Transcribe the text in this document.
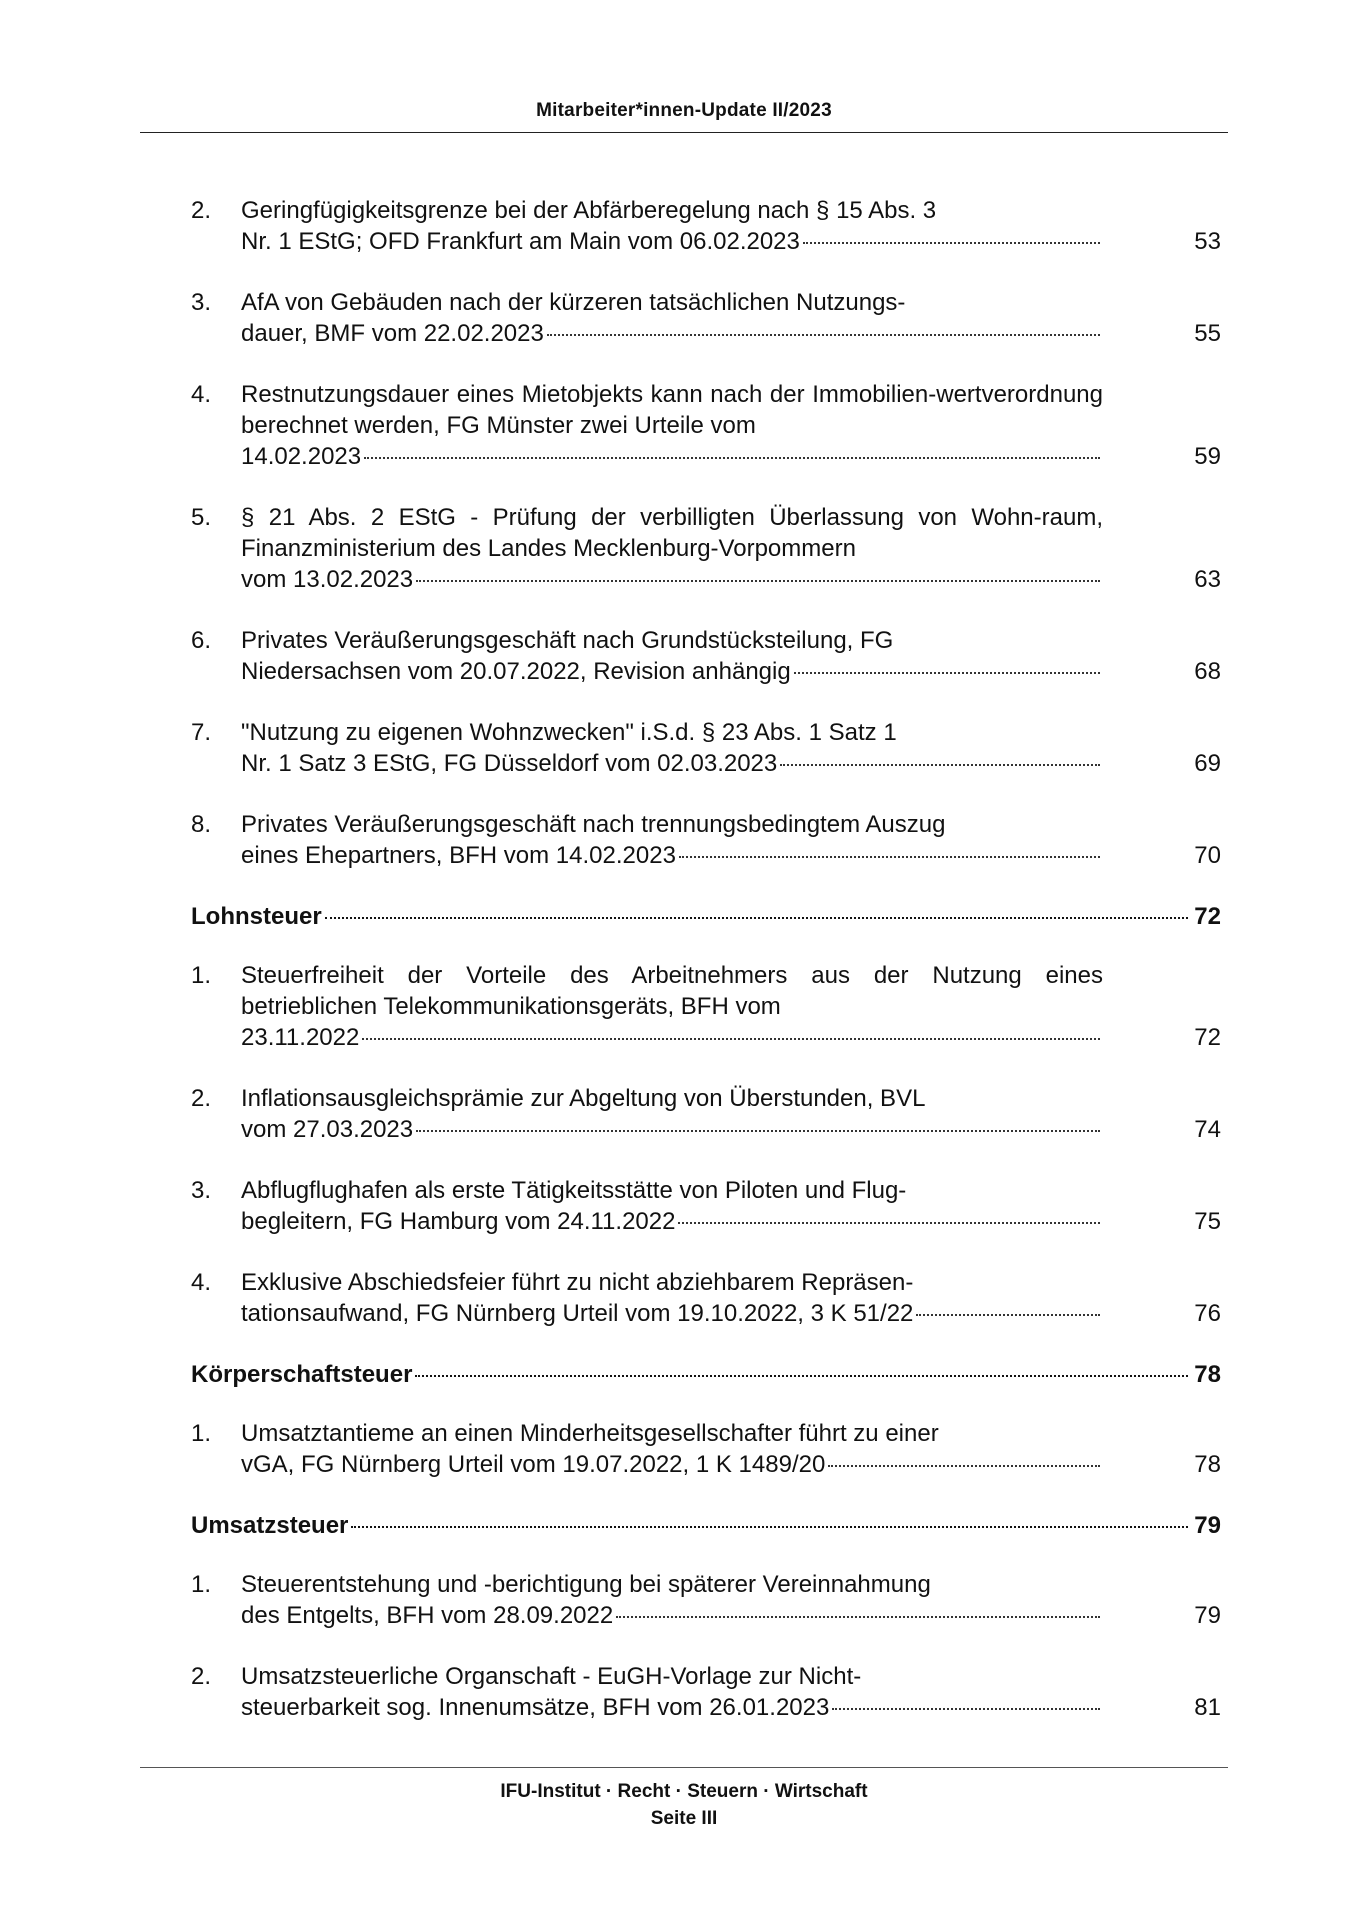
Mitarbeiter*innen-Update II/2023
2.	Geringfügigkeitsgrenze bei der Abfärberegelung nach § 15 Abs. 3
Nr. 1 EStG; OFD Frankfurt am Main vom 06.02.2023	53
3.	AfA von Gebäuden nach der kürzeren tatsächlichen Nutzungs-
dauer, BMF vom 22.02.2023	55
4.	Restnutzungsdauer eines Mietobjekts kann nach der Immobilien-wertverordnung berechnet werden, FG Münster zwei Urteile vom
14.02.2023	59
5.	§ 21 Abs. 2 EStG - Prüfung der verbilligten Überlassung von Wohn-raum, Finanzministerium des Landes Mecklenburg-Vorpommern
vom 13.02.2023	63
6.	Privates Veräußerungsgeschäft nach Grundstücksteilung, FG
Niedersachsen vom 20.07.2022, Revision anhängig	68
7.	"Nutzung zu eigenen Wohnzwecken" i.S.d. § 23 Abs. 1 Satz 1
Nr. 1 Satz 3 EStG, FG Düsseldorf vom 02.03.2023	69
8.	Privates Veräußerungsgeschäft nach trennungsbedingtem Auszug
eines Ehepartners, BFH vom 14.02.2023	70
Lohnsteuer	72
1.	Steuerfreiheit der Vorteile des Arbeitnehmers aus der Nutzung eines betrieblichen Telekommunikationsgeräts, BFH vom
23.11.2022	72
2.	Inflationsausgleichsprämie zur Abgeltung von Überstunden, BVL
vom 27.03.2023	74
3.	Abflugflughafen als erste Tätigkeitsstätte von Piloten und Flug-
begleitern, FG Hamburg vom 24.11.2022	75
4.	Exklusive Abschiedsfeier führt zu nicht abziehbarem Repräsen-
tationsaufwand, FG Nürnberg Urteil vom 19.10.2022, 3 K 51/22	76
Körperschaftsteuer	78
1.	Umsatztantieme an einen Minderheitsgesellschafter führt zu einer
vGA, FG Nürnberg Urteil vom 19.07.2022, 1 K 1489/20	78
Umsatzsteuer	79
1.	Steuerentstehung und -berichtigung bei späterer Vereinnahmung
des Entgelts, BFH vom 28.09.2022	79
2.	Umsatzsteuerliche Organschaft - EuGH-Vorlage zur Nicht-
steuerbarkeit sog. Innenumsätze, BFH vom 26.01.2023	81
IFU-Institut · Recht · Steuern · Wirtschaft
Seite III
